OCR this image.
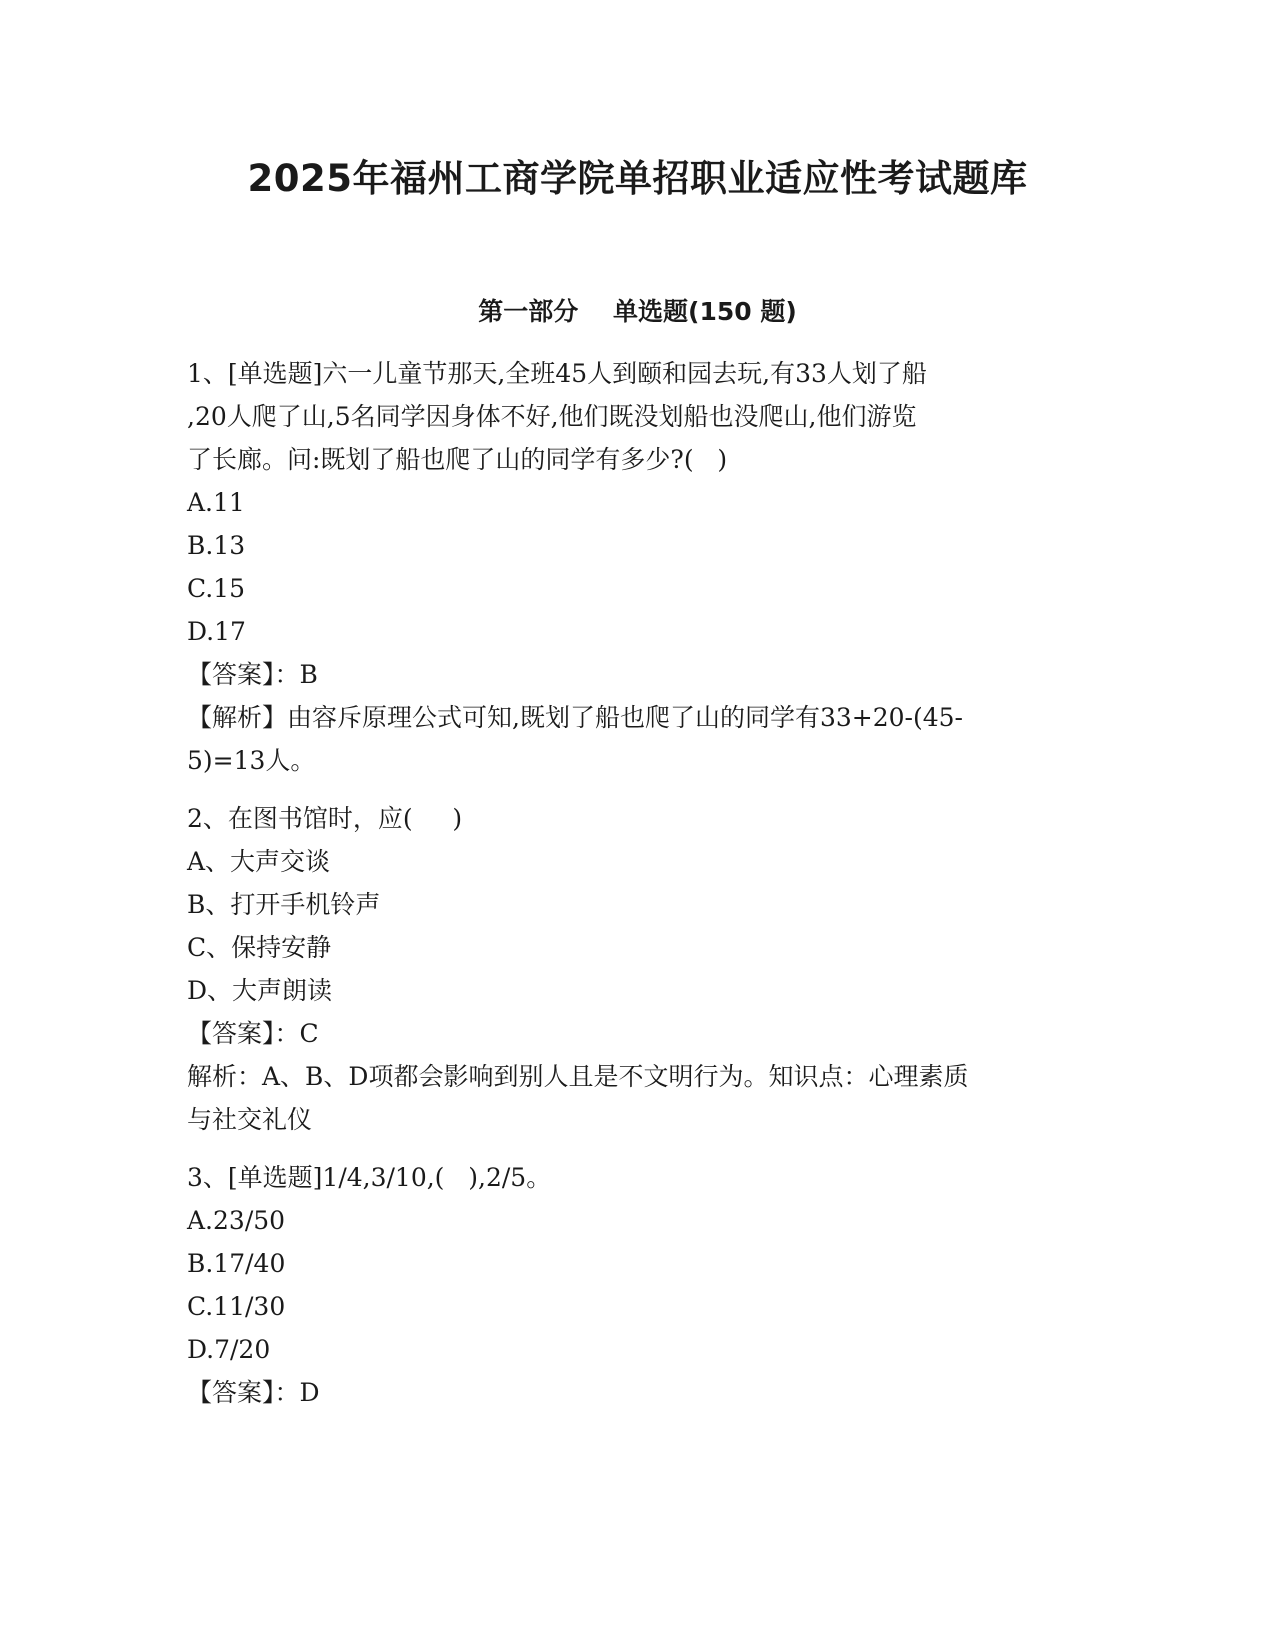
2025年福州工商学院单招职业适应性考试题库
第一部分    单选题(150 题)

1、[单选题]六一儿童节那天,全班45人到颐和园去玩,有33人划了船

,20人爬了山,5名同学因身体不好,他们既没划船也没爬山,他们游览

了长廊。问:既划了船也爬了山的同学有多少?(   )

A.11

B.13

C.15

D.17

【答案】：B

【解析】由容斥原理公式可知,既划了船也爬了山的同学有33+20-(45-

5)=13人。

2、在图书馆时，应(     )

A、大声交谈

B、打开手机铃声

C、保持安静

D、大声朗读

【答案】：C

解析：A、B、D项都会影响到别人且是不文明行为。知识点：心理素质

与社交礼仪

3、[单选题]1/4,3/10,(   ),2/5。

A.23/50

B.17/40

C.11/30

D.7/20

【答案】：D
